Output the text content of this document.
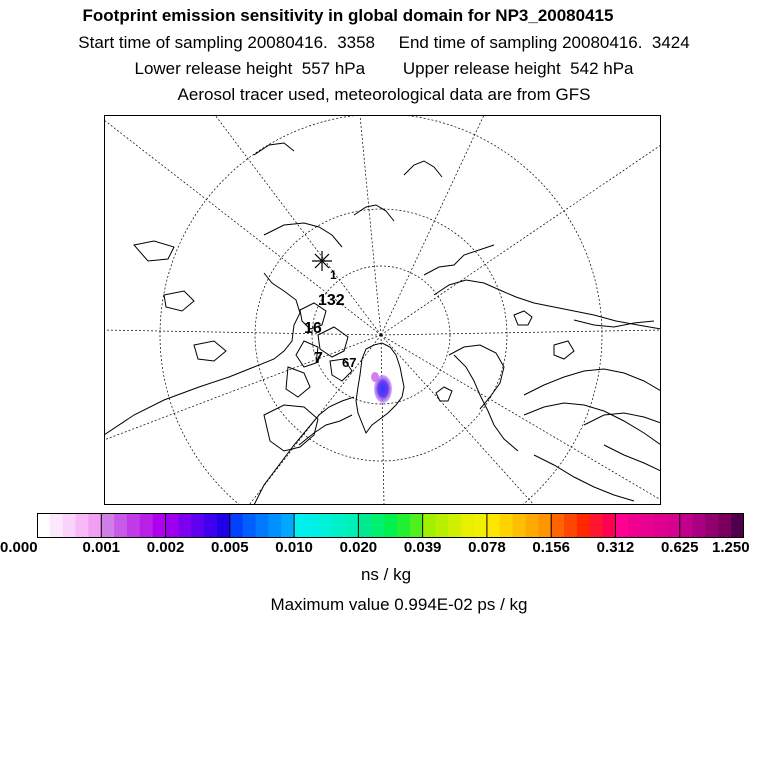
Footprint emission sensitivity in global domain for NP3_20080415
Start time of sampling 20080416.  3358     End time of sampling 20080416.  3424
Lower release height  557 hPa        Upper release height  542 hPa
Aerosol tracer used, meteorological data are from GFS
1
132
16
7 67
0.000	0.001 0.002 0.005 0.010 0.020 0.039 0.078 0.156 0.312 0.625 1.250
ns / kg
Maximum value 0.994E-02 ps / kg
